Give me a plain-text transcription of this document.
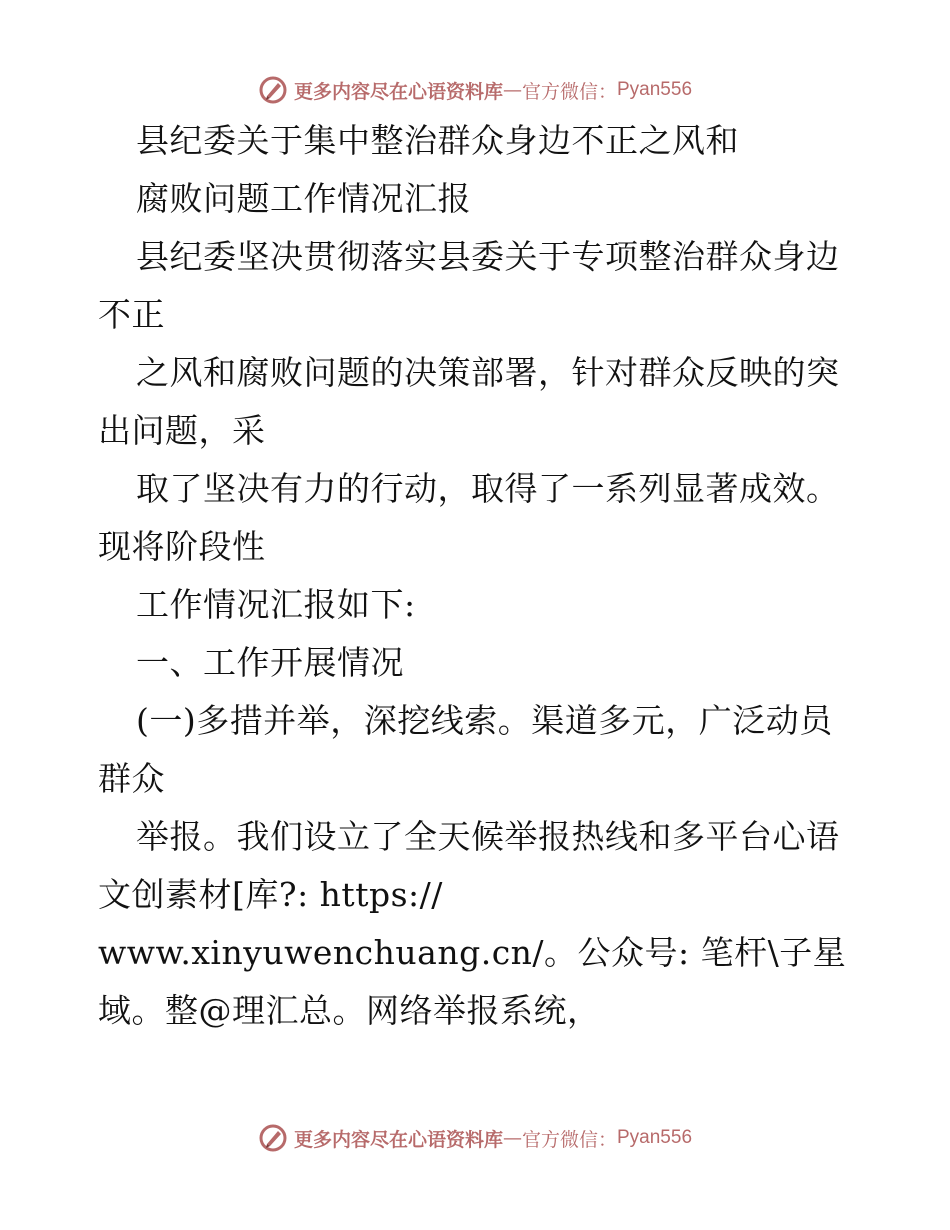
更多内容尽在心语资料库 — 官方微信： Pyan556
县纪委关于集中整治群众身边不正之风和
腐败问题工作情况汇报
县纪委坚决贯彻落实县委关于专项整治群众身边
不正
之风和腐败问题的决策部署，针对群众反映的突
出问题，采
取了坚决有力的行动，取得了一系列显著成效。
现将阶段性
工作情况汇报如下:
一、工作开展情况
(一)多措并举，深挖线索。渠道多元，广泛动员
群众
举报。我们设立了全天候举报热线和多平台心语
文创素材[库?: https://
www.xinyuwenchuang.cn/。公众号: 笔杆\子星
域。整@理汇总。网络举报系统，
更多内容尽在心语资料库 — 官方微信： Pyan556
